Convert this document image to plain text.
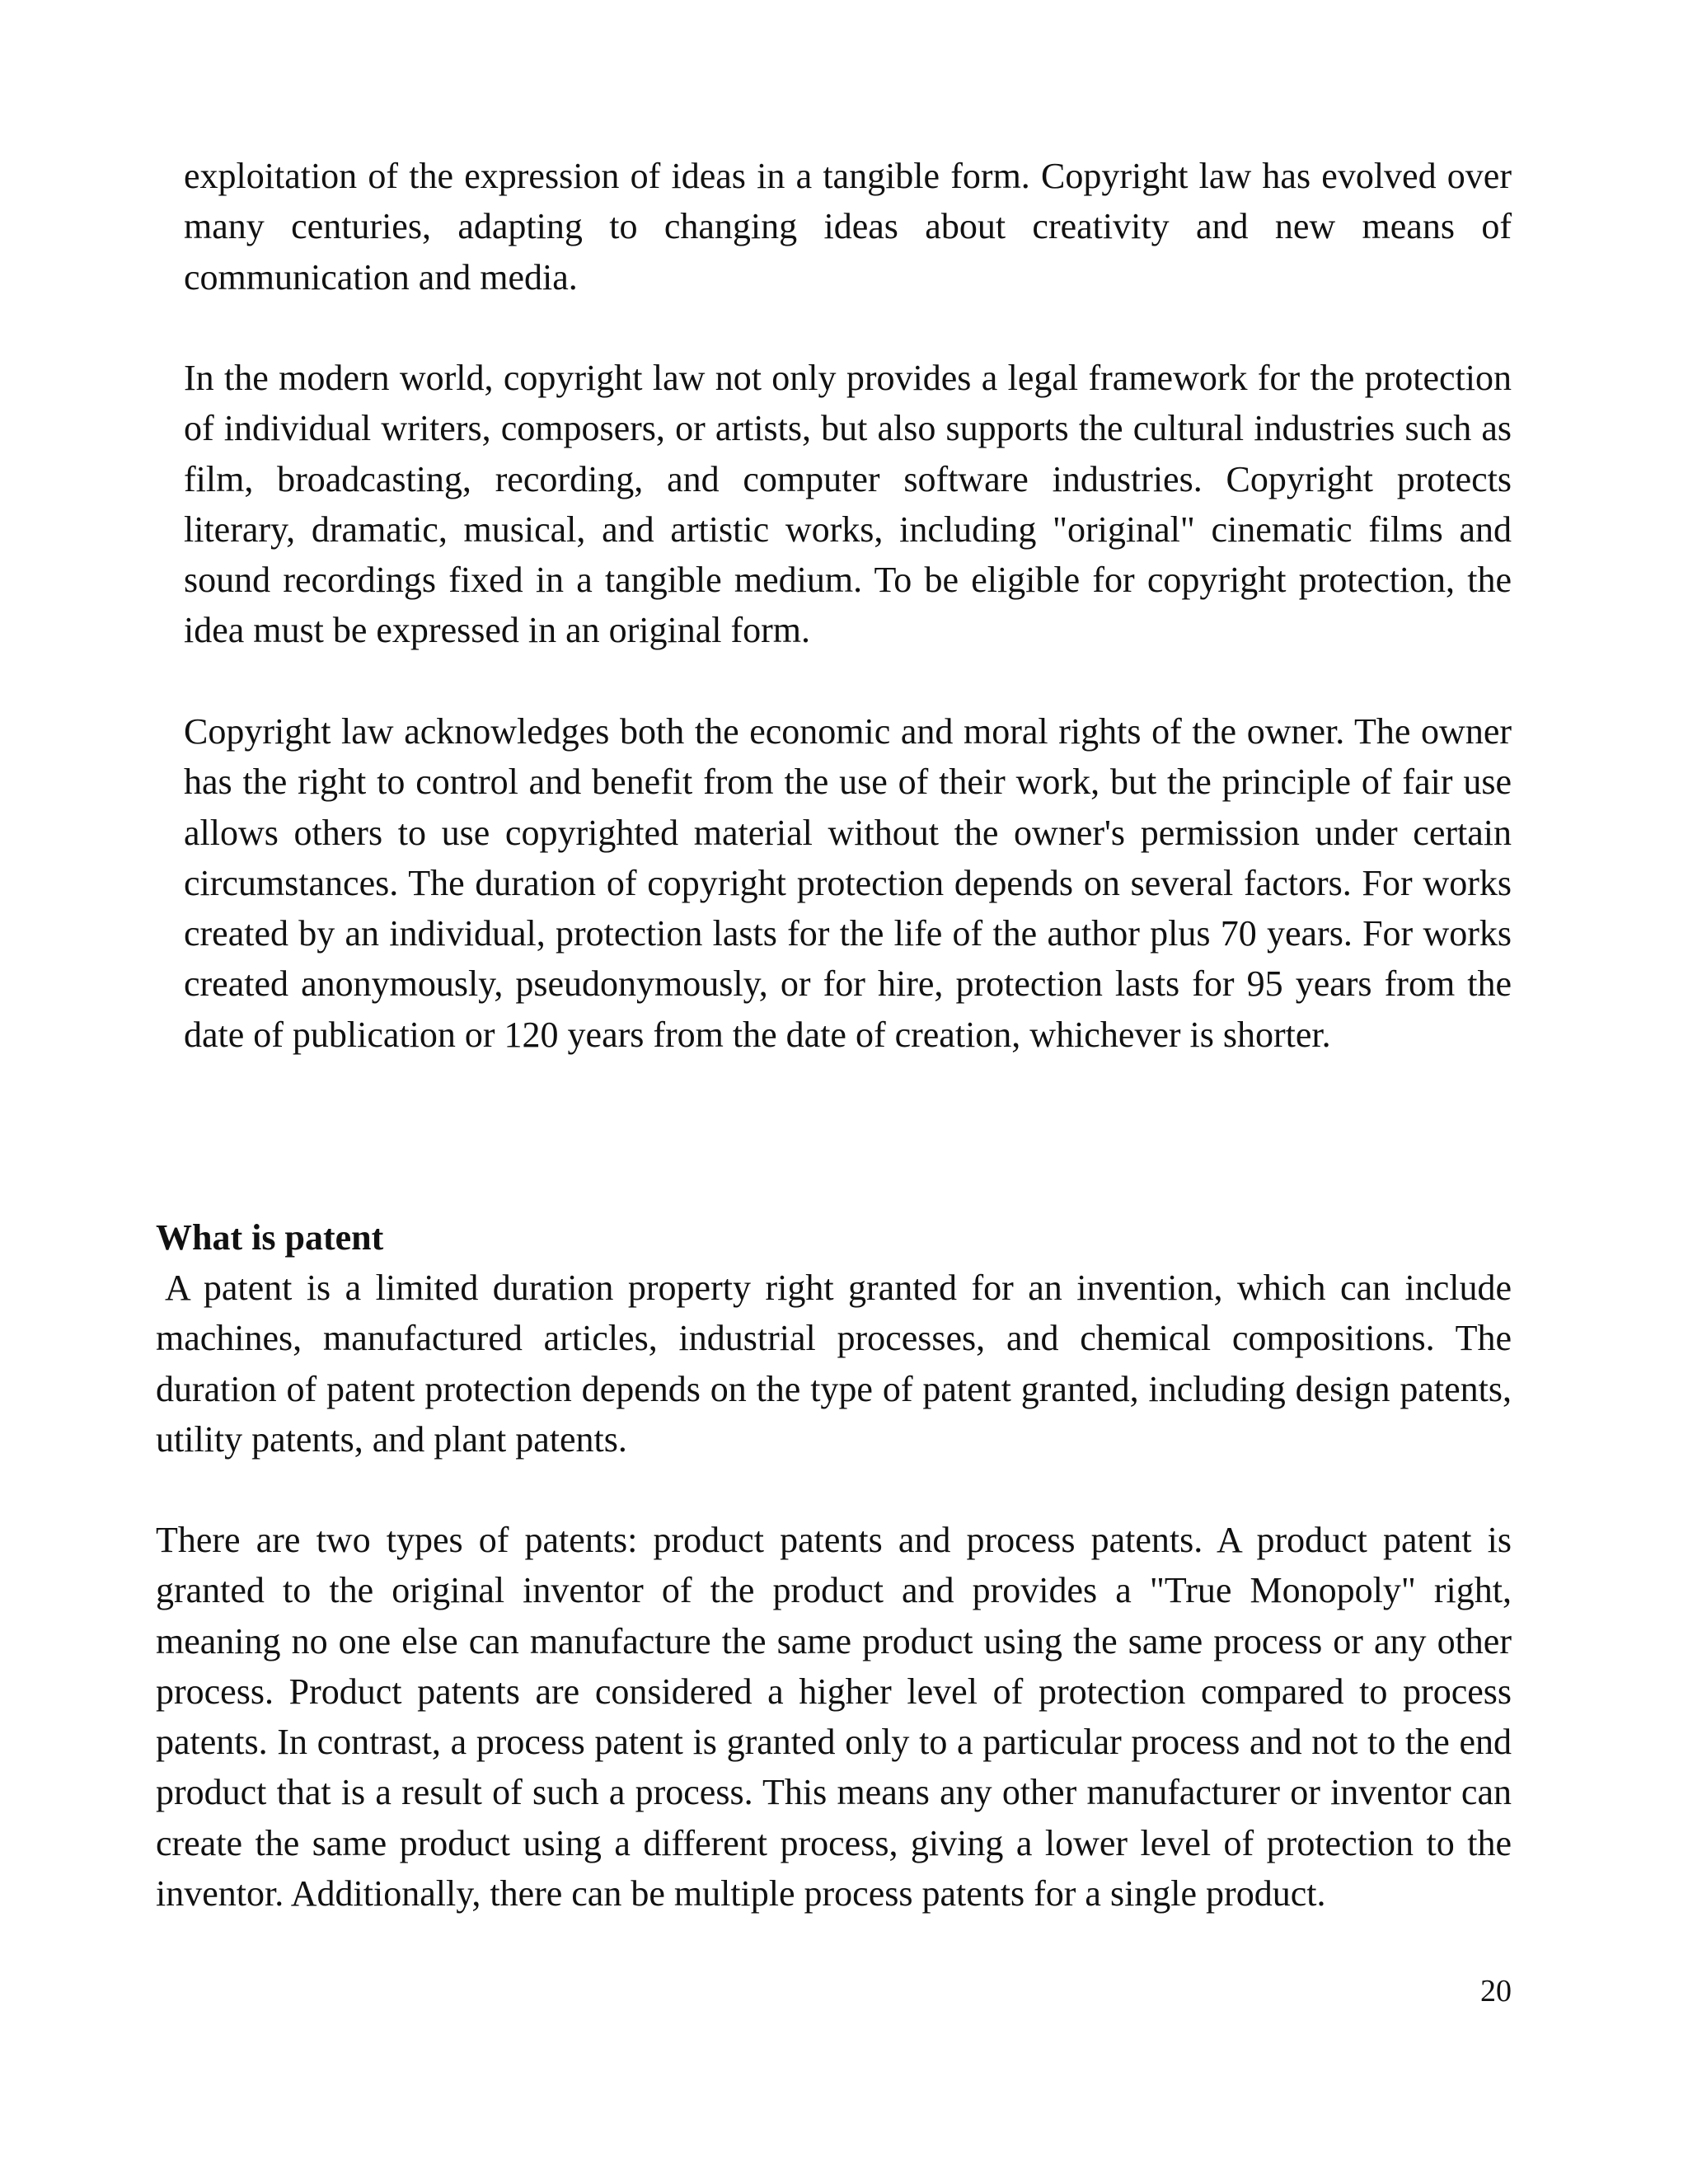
exploitation of the expression of ideas in a tangible form. Copyright law has evolved over many centuries, adapting to changing ideas about creativity and new means of communication and media.

In the modern world, copyright law not only provides a legal framework for the protection of individual writers, composers, or artists, but also supports the cultural industries such as film, broadcasting, recording, and computer software industries. Copyright protects literary, dramatic, musical, and artistic works, including "original" cinematic films and sound recordings fixed in a tangible medium. To be eligible for copyright protection, the idea must be expressed in an original form.

Copyright law acknowledges both the economic and moral rights of the owner. The owner has the right to control and benefit from the use of their work, but the principle of fair use allows others to use copyrighted material without the owner's permission under certain circumstances. The duration of copyright protection depends on several factors. For works created by an individual, protection lasts for the life of the author plus 70 years. For works created anonymously, pseudonymously, or for hire, protection lasts for 95 years from the date of publication or 120 years from the date of creation, whichever is shorter.

What is patent

A patent is a limited duration property right granted for an invention, which can include machines, manufactured articles, industrial processes, and chemical compositions. The duration of patent protection depends on the type of patent granted, including design patents, utility patents, and plant patents.

There are two types of patents: product patents and process patents. A product patent is granted to the original inventor of the product and provides a "True Monopoly" right, meaning no one else can manufacture the same product using the same process or any other process. Product patents are considered a higher level of protection compared to process patents. In contrast, a process patent is granted only to a particular process and not to the end product that is a result of such a process. This means any other manufacturer or inventor can create the same product using a different process, giving a lower level of protection to the inventor. Additionally, there can be multiple process patents for a single product.

20
